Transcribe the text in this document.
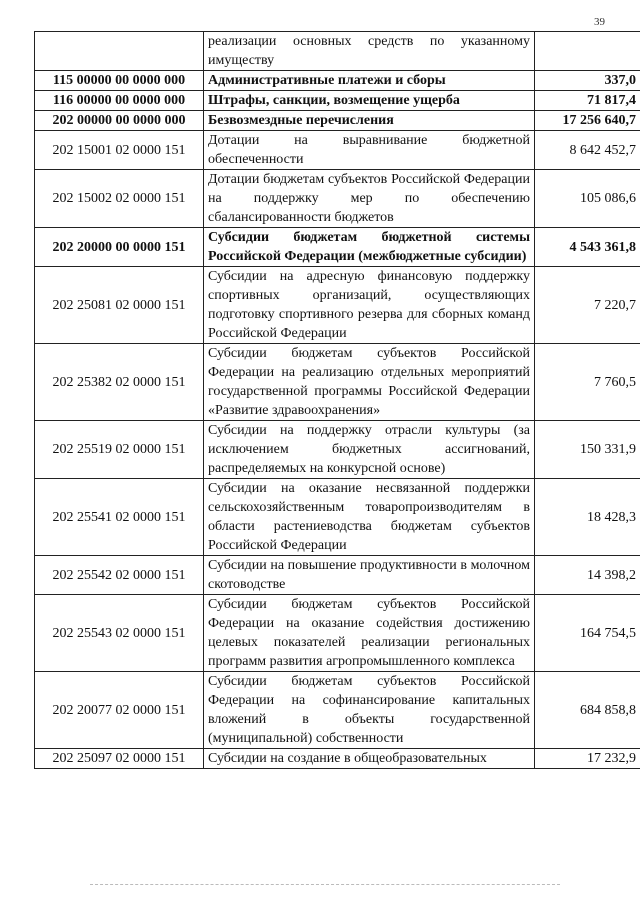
39
	реализации основных средств по указанному имуществу	
115 00000 00 0000 000	Административные платежи и сборы	337,0
116 00000 00 0000 000	Штрафы, санкции, возмещение ущерба	71 817,4
202 00000 00 0000 000	Безвозмездные перечисления	17 256 640,7
202 15001 02 0000 151	Дотации на выравнивание бюджетной обеспеченности	8 642 452,7
202 15002 02 0000 151	Дотации бюджетам субъектов Российской Федерации на поддержку мер по обеспечению сбалансированности бюджетов	105 086,6
202 20000 00 0000 151	Субсидии бюджетам бюджетной системы Российской Федерации (межбюджетные субсидии)	4 543 361,8
202 25081 02 0000 151	Субсидии на адресную финансовую поддержку спортивных организаций, осуществляющих подготовку спортивного резерва для сборных команд Российской Федерации	7 220,7
202 25382 02 0000 151	Субсидии бюджетам субъектов Российской Федерации на реализацию отдельных мероприятий государственной программы Российской Федерации «Развитие здравоохранения»	7 760,5
202 25519 02 0000 151	Субсидии на поддержку отрасли культуры (за исключением бюджетных ассигнований, распределяемых на конкурсной основе)	150 331,9
202 25541 02 0000 151	Субсидии на оказание несвязанной поддержки сельскохозяйственным товаропроизводителям в области растениеводства бюджетам субъектов Российской Федерации	18 428,3
202 25542 02 0000 151	Субсидии на повышение продуктивности в молочном скотоводстве	14 398,2
202 25543 02 0000 151	Субсидии бюджетам субъектов Российской Федерации на оказание содействия достижению целевых показателей реализации региональных программ развития агропромышленного комплекса	164 754,5
202 20077 02 0000 151	Субсидии бюджетам субъектов Российской Федерации на софинансирование капитальных вложений в объекты государственной (муниципальной) собственности	684 858,8
202 25097 02 0000 151	Субсидии на создание в общеобразовательных	17 232,9
